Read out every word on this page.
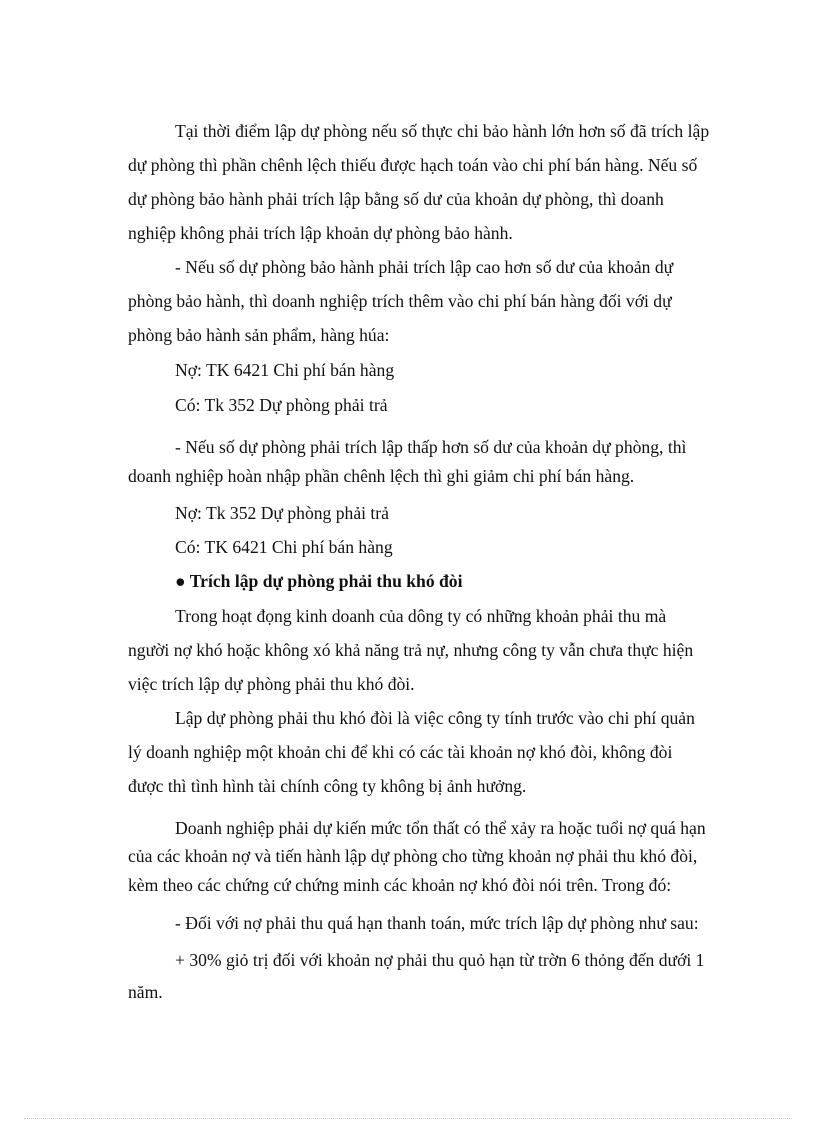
Tại thời điểm lập dự phòng nếu số thực chi bảo hành lớn hơn số đã trích lập
dự phòng thì phần chênh lệch thiếu được hạch toán vào chi phí bán hàng. Nếu số
dự phòng bảo hành phải trích lập bằng số dư của khoản dự phòng, thì doanh
nghiệp không phải trích lập khoản dự phòng bảo hành.
- Nếu số dự phòng bảo hành phải trích lập cao hơn số dư của khoản dự
phòng bảo hành, thì doanh nghiệp trích thêm vào chi phí bán hàng đối với dự
phòng bảo hành sản phẩm, hàng húa:
Nợ: TK 6421 Chi phí bán hàng
Có: Tk 352 Dự phòng phải trả
- Nếu số dự phòng phải trích lập thấp hơn số dư của khoản dự phòng, thì
doanh nghiệp hoàn nhập phần chênh lệch thì ghi giảm chi phí bán hàng.
Nợ: Tk 352 Dự phòng phải trả
Có: TK 6421 Chi phí bán hàng
● Trích lập dự phòng phải thu khó đòi
Trong hoạt đọng kinh doanh của dông ty có những khoản phải thu mà
người nợ khó hoặc không xó khả năng trả nự, nhưng công ty vẫn chưa thực hiện
việc trích lập dự phòng phải thu khó đòi.
Lập dự phòng phải thu khó đòi là việc công ty tính trước vào chi phí quản
lý doanh nghiệp một khoản chi để khi có các tài khoản nợ khó đòi, không đòi
được thì tình hình tài chính công ty không bị ảnh hưởng.
Doanh nghiệp phải dự kiến mức tổn thất có thể xảy ra hoặc tuổi nợ quá hạn
của các khoản nợ và tiến hành lập dự phòng cho từng khoản nợ phải thu khó đòi,
kèm theo các chứng cứ chứng minh các khoản nợ khó đòi nói trên. Trong đó:
- Đối với nợ phải thu quá hạn thanh toán, mức trích lập dự phòng như sau:
+ 30% giỏ trị đối với khoản nợ phải thu quỏ hạn từ trờn 6 thỏng đến dưới 1
năm.
